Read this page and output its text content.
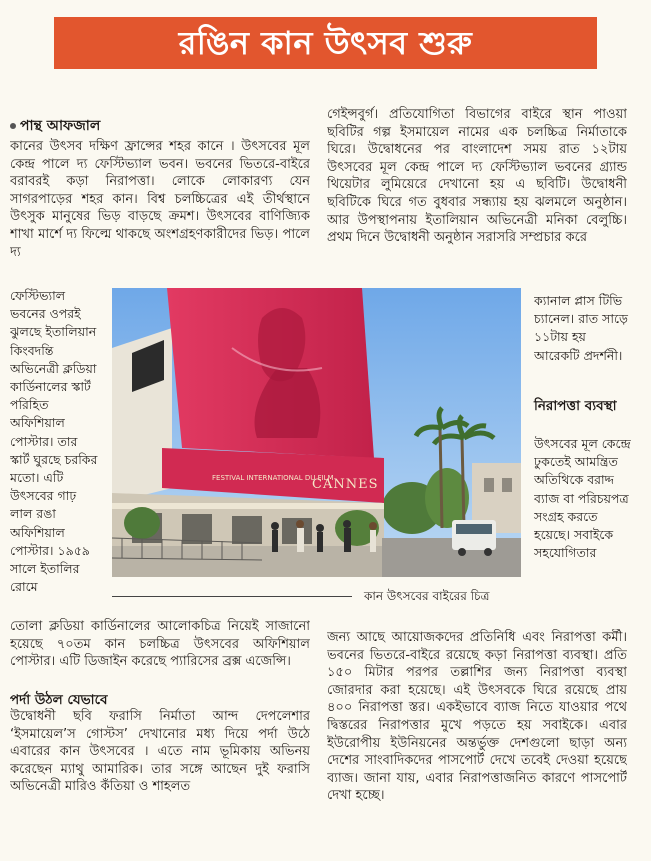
রঙিন কান উৎসব শুরু
পান্থ আফজাল
কানের উৎসব দক্ষিণ ফ্রান্সের শহর কানে । উৎসবের মূল কেন্দ্র পালে দ্য ফেস্টিভ্যাল ভবন। ভবনের ভিতরে-বাইরে বরাবরই কড়া নিরাপত্তা। লোকে লোকারণ্য যেন সাগরপাড়ের শহর কান। বিশ্ব চলচ্চিত্রের এই তীর্থস্থানে উৎসুক মানুষের ভিড় বাড়ছে ক্রমশ। উৎসবের বাণিজ্যিক শাখা মার্শে দ্য ফিল্মে থাকছে অংশগ্রহণকারীদের ভিড়। পালে দ্য
ফেস্টিভ্যাল ভবনের ওপরই ঝুলছে ইতালিয়ান কিংবদন্তি অভিনেত্রী ক্লডিয়া কার্ডিনালের স্কার্ট পরিহিত অফিশিয়াল পোস্টার। তার স্কার্ট ঘুরছে চরকির মতো। এটি উৎসবের গাঢ় লাল রঙা অফিশিয়াল পোস্টার। ১৯৫৯ সালে ইতালির রোমে
তোলা ক্লডিয়া কার্ডিনালের আলোকচিত্র নিয়েই সাজানো হয়েছে ৭০তম কান চলচ্চিত্র উৎসবের অফিশিয়াল পোস্টার। এটি ডিজাইন করেছে প্যারিসের ব্রক্স এজেন্সি।
পর্দা উঠল যেভাবে
উদ্বোধনী ছবি ফরাসি নির্মাতা আন্দ দেপলেশার ‘ইসমায়েল’স গোস্টস’ দেখানোর মধ্য দিয়ে পর্দা উঠে এবারের কান উৎসবের । এতে নাম ভূমিকায় অভিনয় করেছেন ম্যাথু আমারিক। তার সঙ্গে আছেন দুই ফরাসি অভিনেত্রী মারিও কঁতিয়া ও শাহলত
গেইন্সবুর্গ। প্রতিযোগিতা বিভাগের বাইরে স্থান পাওয়া ছবিটির গল্প ইসমায়েল নামের এক চলচ্চিত্র নির্মাতাকে ঘিরে। উদ্বোধনের পর বাংলাদেশ সময় রাত ১২টায় উৎসবের মূল কেন্দ্র পালে দ্য ফেস্টিভ্যাল ভবনের গ্র্যান্ড থিয়েটার লুমিয়েরে দেখানো হয় এ ছবিটি। উদ্বোধনী ছবিটিকে ঘিরে গত বুধবার সন্ধ্যায় হয় ঝলমলে অনুষ্ঠান। আর উপস্থাপনায় ইতালিয়ান অভিনেত্রী মনিকা বেলুচ্চি। প্রথম দিনে উদ্বোধনী অনুষ্ঠান সরাসরি সম্প্রচার করে
ক্যানাল প্লাস টিভি চ্যানেল। রাত সাড়ে ১১টায় হয় আরেকটি প্রদর্শনী।
নিরাপত্তা ব্যবস্থা
উৎসবের মূল কেন্দ্রে ঢুকতেই আমন্ত্রিত অতিথিকে বরাদ্দ ব্যাজ বা পরিচয়পত্র সংগ্রহ করতে হয়েছে। সবাইকে সহযোগিতার
জন্য আছে আয়োজকদের প্রতিনিধি এবং নিরাপত্তা কর্মী। ভবনের ভিতরে-বাইরে রয়েছে কড়া নিরাপত্তা ব্যবস্থা। প্রতি ১৫০ মিটার পরপর তল্লাশির জন্য নিরাপত্তা ব্যবস্থা জোরদার করা হয়েছে। এই উৎসবকে ঘিরে রয়েছে প্রায় ৪০০ নিরাপত্তা স্তর। একইভাবে ব্যাজ নিতে যাওয়ার পথে দ্বিস্তরের নিরাপত্তার মুখে পড়তে হয় সবাইকে। এবার ইউরোপীয় ইউনিয়নের অন্তর্ভুক্ত দেশগুলো ছাড়া অন্য দেশের সাংবাদিকদের পাসপোর্ট দেখে তবেই দেওয়া হয়েছে ব্যাজ। জানা যায়, এবার নিরাপত্তাজনিত কারণে পাসপোর্ট দেখা হচ্ছে।
FESTIVAL INTERNATIONAL DU FILM
CANNES
কান উৎসবের বাইরের চিত্র
